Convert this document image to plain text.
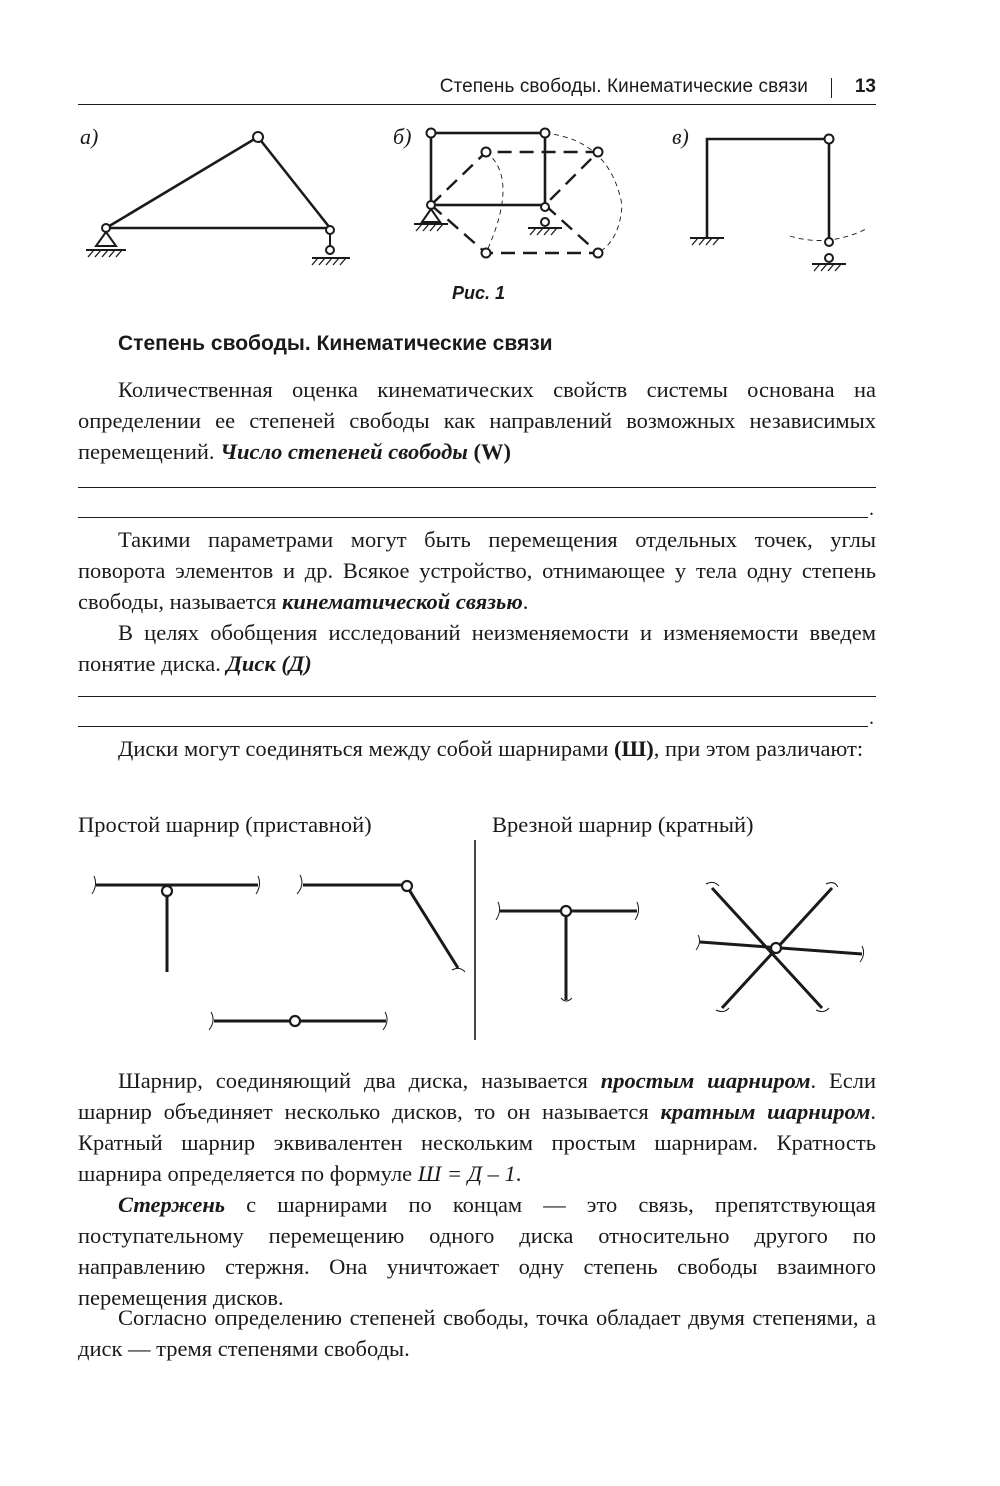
Степень свободы. Кинематические связи 13
а)	б)	в)
Рис. 1
Степень свободы. Кинематические связи
Количественная оценка кинематических свойств системы основана на определении ее степеней свободы как направлений возможных независимых перемещений. Число степеней свободы (W)
.
Такими параметрами могут быть перемещения отдельных точек, углы поворота элементов и др. Всякое устройство, отнимающее у тела одну степень свободы, называется кинематической связью.
В целях обобщения исследований неизменяемости и изменяемости введем понятие диска. Диск (Д)
.
Диски могут соединяться между собой шарнирами (Ш), при этом различают:
Простой шарнир (приставной)	Врезной шарнир (кратный)
Шарнир, соединяющий два диска, называется простым шарниром. Если шарнир объединяет несколько дисков, то он называется кратным шарниром. Кратный шарнир эквивалентен нескольким простым шарнирам. Кратность шарнира определяется по формуле Ш = Д – 1.
Стержень с шарнирами по концам — это связь, препятствующая поступательному перемещению одного диска относительно другого по направлению стержня. Она уничтожает одну степень свободы взаимного перемещения дисков.
Согласно определению степеней свободы, точка обладает двумя степенями, а диск — тремя степенями свободы.
